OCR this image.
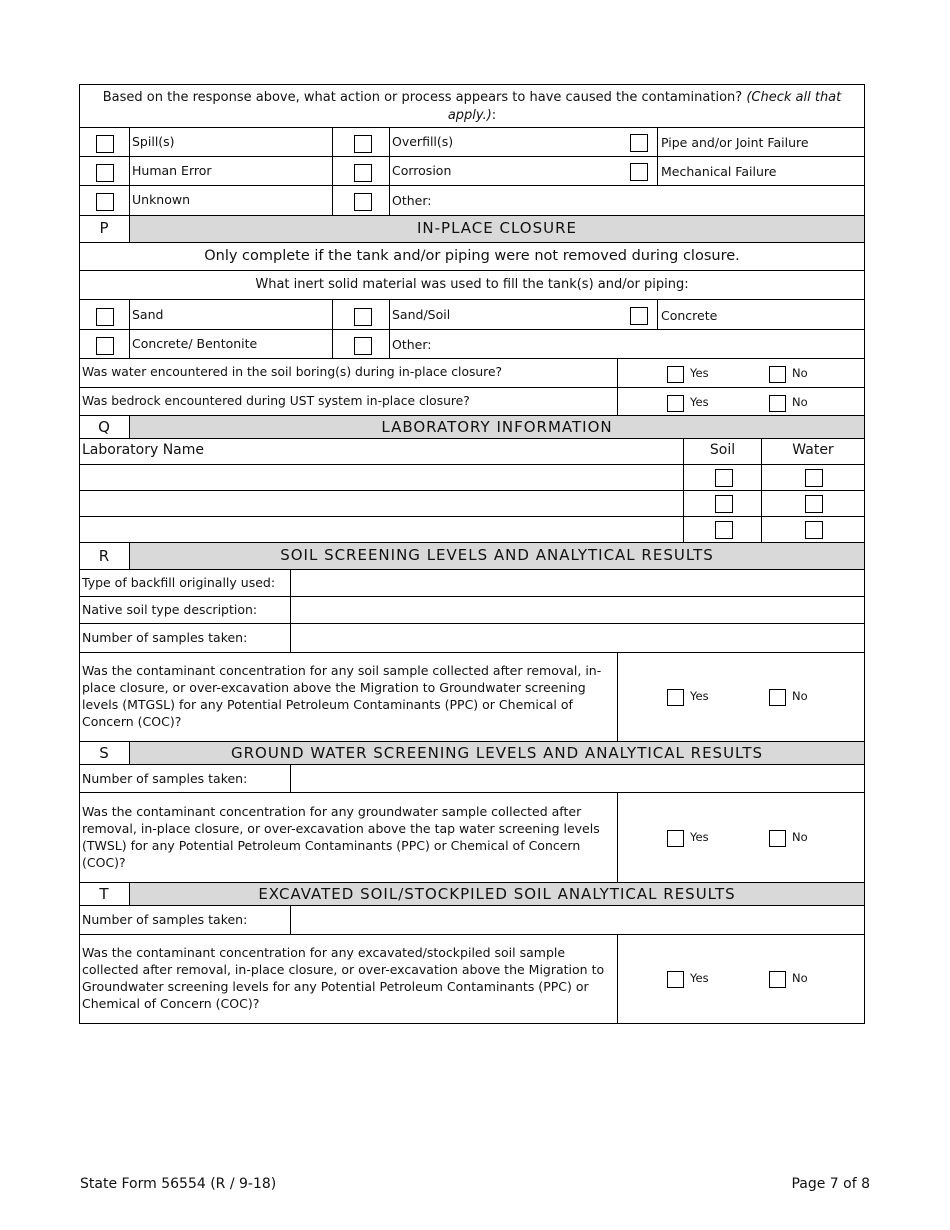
Based on the response above, what action or process appears to have caused the contamination? (Check all that apply.):
Spill(s)	Overfill(s)	Pipe and/or Joint Failure
Human Error	Corrosion	Mechanical Failure
Unknown	Other:
P	IN-PLACE CLOSURE
Only complete if the tank and/or piping were not removed during closure.
What inert solid material was used to fill the tank(s) and/or piping:
Sand	Sand/Soil	Concrete
Concrete/ Bentonite	Other:
Was water encountered in the soil boring(s) during in-place closure?	Yes	No
Was bedrock encountered during UST system in-place closure?	Yes	No
Q	LABORATORY INFORMATION
Laboratory Name	Soil	Water
R	SOIL SCREENING LEVELS AND ANALYTICAL RESULTS
Type of backfill originally used:
Native soil type description:
Number of samples taken:
Was the contaminant concentration for any soil sample collected after removal, in-place closure, or over-excavation above the Migration to Groundwater screening levels (MTGSL) for any Potential Petroleum Contaminants (PPC) or Chemical of Concern (COC)?
Yes	No
S	GROUND WATER SCREENING LEVELS AND ANALYTICAL RESULTS
Number of samples taken:
Was the contaminant concentration for any groundwater sample collected after removal, in-place closure, or over-excavation above the tap water screening levels (TWSL) for any Potential Petroleum Contaminants (PPC) or Chemical of Concern (COC)?
Yes	No
T	EXCAVATED SOIL/STOCKPILED SOIL ANALYTICAL RESULTS
Number of samples taken:
Was the contaminant concentration for any excavated/stockpiled soil sample collected after removal, in-place closure, or over-excavation above the Migration to Groundwater screening levels for any Potential Petroleum Contaminants (PPC) or Chemical of Concern (COC)?
Yes	No
State Form 56554 (R / 9-18)	Page 7 of 8
